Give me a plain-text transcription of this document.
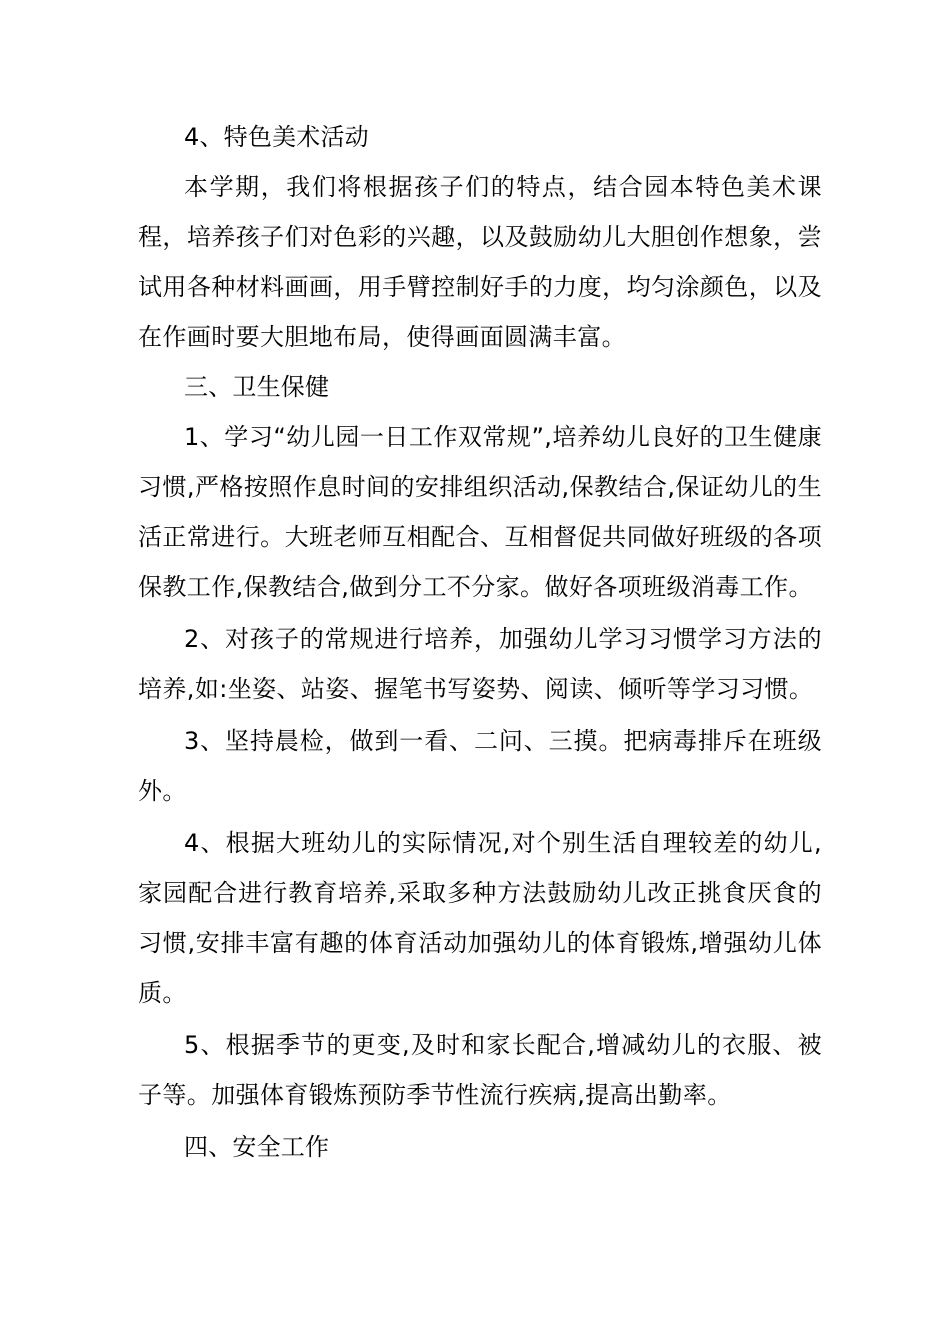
4、特色美术活动

本学期，我们将根据孩子们的特点，结合园本特色美术课程，培养孩子们对色彩的兴趣，以及鼓励幼儿大胆创作想象，尝试用各种材料画画，用手臂控制好手的力度，均匀涂颜色，以及在作画时要大胆地布局，使得画面圆满丰富。

三、卫生保健

1、学习“幼儿园一日工作双常规”,培养幼儿良好的卫生健康习惯,严格按照作息时间的安排组织活动,保教结合,保证幼儿的生活正常进行。大班老师互相配合、互相督促共同做好班级的各项保教工作,保教结合,做到分工不分家。做好各项班级消毒工作。

2、对孩子的常规进行培养，加强幼儿学习习惯学习方法的培养,如:坐姿、站姿、握笔书写姿势、阅读、倾听等学习习惯。

3、坚持晨检，做到一看、二问、三摸。把病毒排斥在班级外。

4、根据大班幼儿的实际情况,对个别生活自理较差的幼儿,家园配合进行教育培养,采取多种方法鼓励幼儿改正挑食厌食的习惯,安排丰富有趣的体育活动加强幼儿的体育锻炼,增强幼儿体质。

5、根据季节的更变,及时和家长配合,增减幼儿的衣服、被子等。加强体育锻炼预防季节性流行疾病,提高出勤率。

四、安全工作
